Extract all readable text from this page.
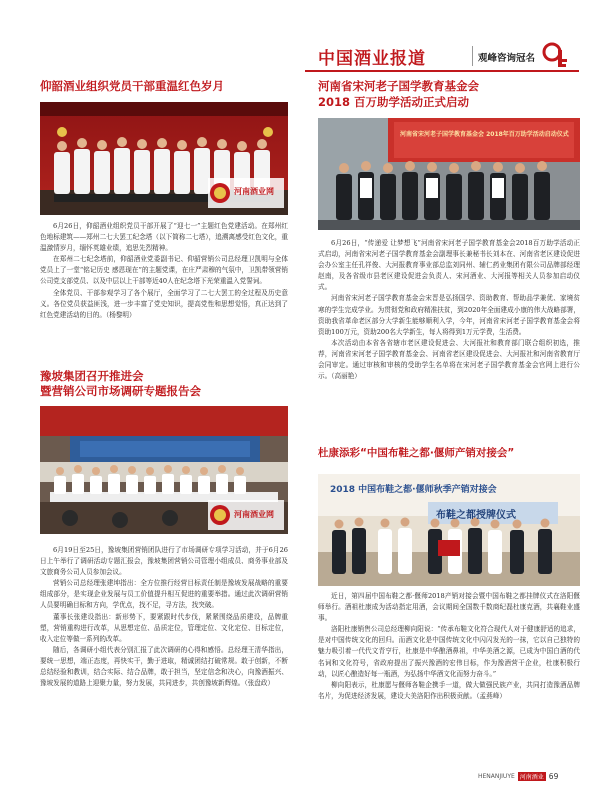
中国酒业报道	观峰咨询冠名
仰韶酒业组织党员干部重温红色岁月
河南酒业网

6月26日，仰韶酒业组织党员干部开展了“迎七一”主题红色党建活动。在郑州红色地标建筑——郑州二七大罢工纪念塔（以下简称二七塔），追溯离感受红色文化，重温激情岁月，缅怀英雄业绩，追思先烈精神。

在郑州二七纪念塔前，仰韶酒业党委副书记、仰韶营销公司总经理卫凯明与全体党员上了一堂“铭记历史 感恩现在”的主题党课，在庄严肃穆的气氛中，卫凯带领营销公司党支部党员、以及中层以上干部等近40人在纪念塔下光荣重温入党誓词。

全体党员、干部参观学习了各个展厅，全面学习了二七大罢工的全过程及历史意义。各位党员获益匪浅，进一步丰富了党史知识，提高党性和思想觉悟，真正达到了红色党建活动的目的。（杨黎明）

豫坡集团召开推进会
暨营销公司市场调研专题报告会
河南酒业网

6月19日至25日，豫坡集团营销团队进行了市场调研专项学习活动，并于6月26日上午举行了调研活动专题汇报会，豫坡集团营销公司管理小组成员、商务事业部及文旅商务公司人员参加会议。

营销公司总经理张建坤指出：全方位推行经营目标责任制是豫坡发展战略的重要组成部分，是实现企业发展与员工价值提升相互促进的重要举措。通过此次调研营销人员要明确目标和方向，学优点，找不足，寻方法，找突破。

董事长张建设指出：新形势下，要紧跟时代步伐，紧紧围绕品质建设，品牌重塑，营销重构进行改革，从思想定位、品质定位，管理定位、文化定位、目标定位，收入定位等做一系列的改革。

随后，各调研小组代表分别汇报了此次调研的心得和感悟。总经理王清华指出，要统一思想，端正态度，再快实干，勤于进取，精诚团结打破常规。敢于创新，不断总结经验和教训，结合实际、结合品牌，敢于担当，坚定信念和决心，向豫酒振兴、豫坡发展的道路上迎聚力量，努力发展，共同进步，共创豫坡新辉煌。（张盘政）

河南省宋河老子国学教育基金会
2018 百万助学活动正式启动
河南省宋河老子国学教育基金会 2018年百万助学活动启动仪式

6月26日，“传递爱 让梦想飞”河南省宋河老子国学教育基金会2018百万助学活动正式启动，河南省宋河老子国学教育基金会副理事长兼秘书长刘本在、河南省老区建设促进会办公室主任孔祥俊、大河报教育事业部总监刘同州、辅仁药业集团有限公司品牌部经理赵南，及各省级市县老区建设促进会负责人、宋河酒业、大河报等相关人员参加启动仪式。

河南省宋河老子国学教育基金会宋晋是弘扬国学、资助教育、帮助品学兼优、家境贫寒的学生完成学业。为贯彻党和政府精准扶贫，到2020年全面建成小康的伟大战略部署，资助我省革命老区部分大学新生能够顺利入学，今年，河南省宋河老子国学教育基金会将资助100万元，资助200名大学新生，每人将得到1万元学费，生活费。

本次活动由本省各省辖市老区建设促进会、大河报社和教育部门联合组织初选，推荐，河南省宋河老子国学教育基金会、河南省老区建设促进会、大河报社和河南省教育厅会同审定。通过审核和审核的受助学生名单将在宋河老子国学教育基金会官网上进行公示。（高丽艳）

杜康添彩“中国布鞋之都·偃师产销对接会”
2018 中国布鞋之都·偃师秋季产销对接会
布鞋之都授牌仪式

近日，第四届中国布鞋之都·偃师2018产销对接会暨中国布鞋之都挂牌仪式在洛阳偃师举行。酒祖杜康成为活动指定用酒，会议期间全国数千数商纪磊杜康克酒，共襄鞋业盛事。

洛阳杜康销售公司总经理柳向阳说：“传承布鞋文化符合现代人对于健康舒适的追求，是对中国传统文化的回归。而酒文化是中国传统文化中闪闪发光的一抹，它以自己独特的魅力吸引着一代代文青亨行，杜康是中华酿酒鼻祖，中华美酒之源，已成为中国白酒的代名词和文化符号，省政府提出了振兴豫酒的宏伟目标，作为豫酒营干企业，杜康积极行动，以匠心酿造好每一瓶酒，为弘扬中华酒文化而努力奋斗。”

柳向阳表示，杜康愿与偃师各鞋企携手一道，做大做强民族产业，共同打造豫酒品牌名片，为促进经济发展，建设大美洛阳作出积极贡献。（孟燕峰）

HENANJIUYE 河南酒业 69
